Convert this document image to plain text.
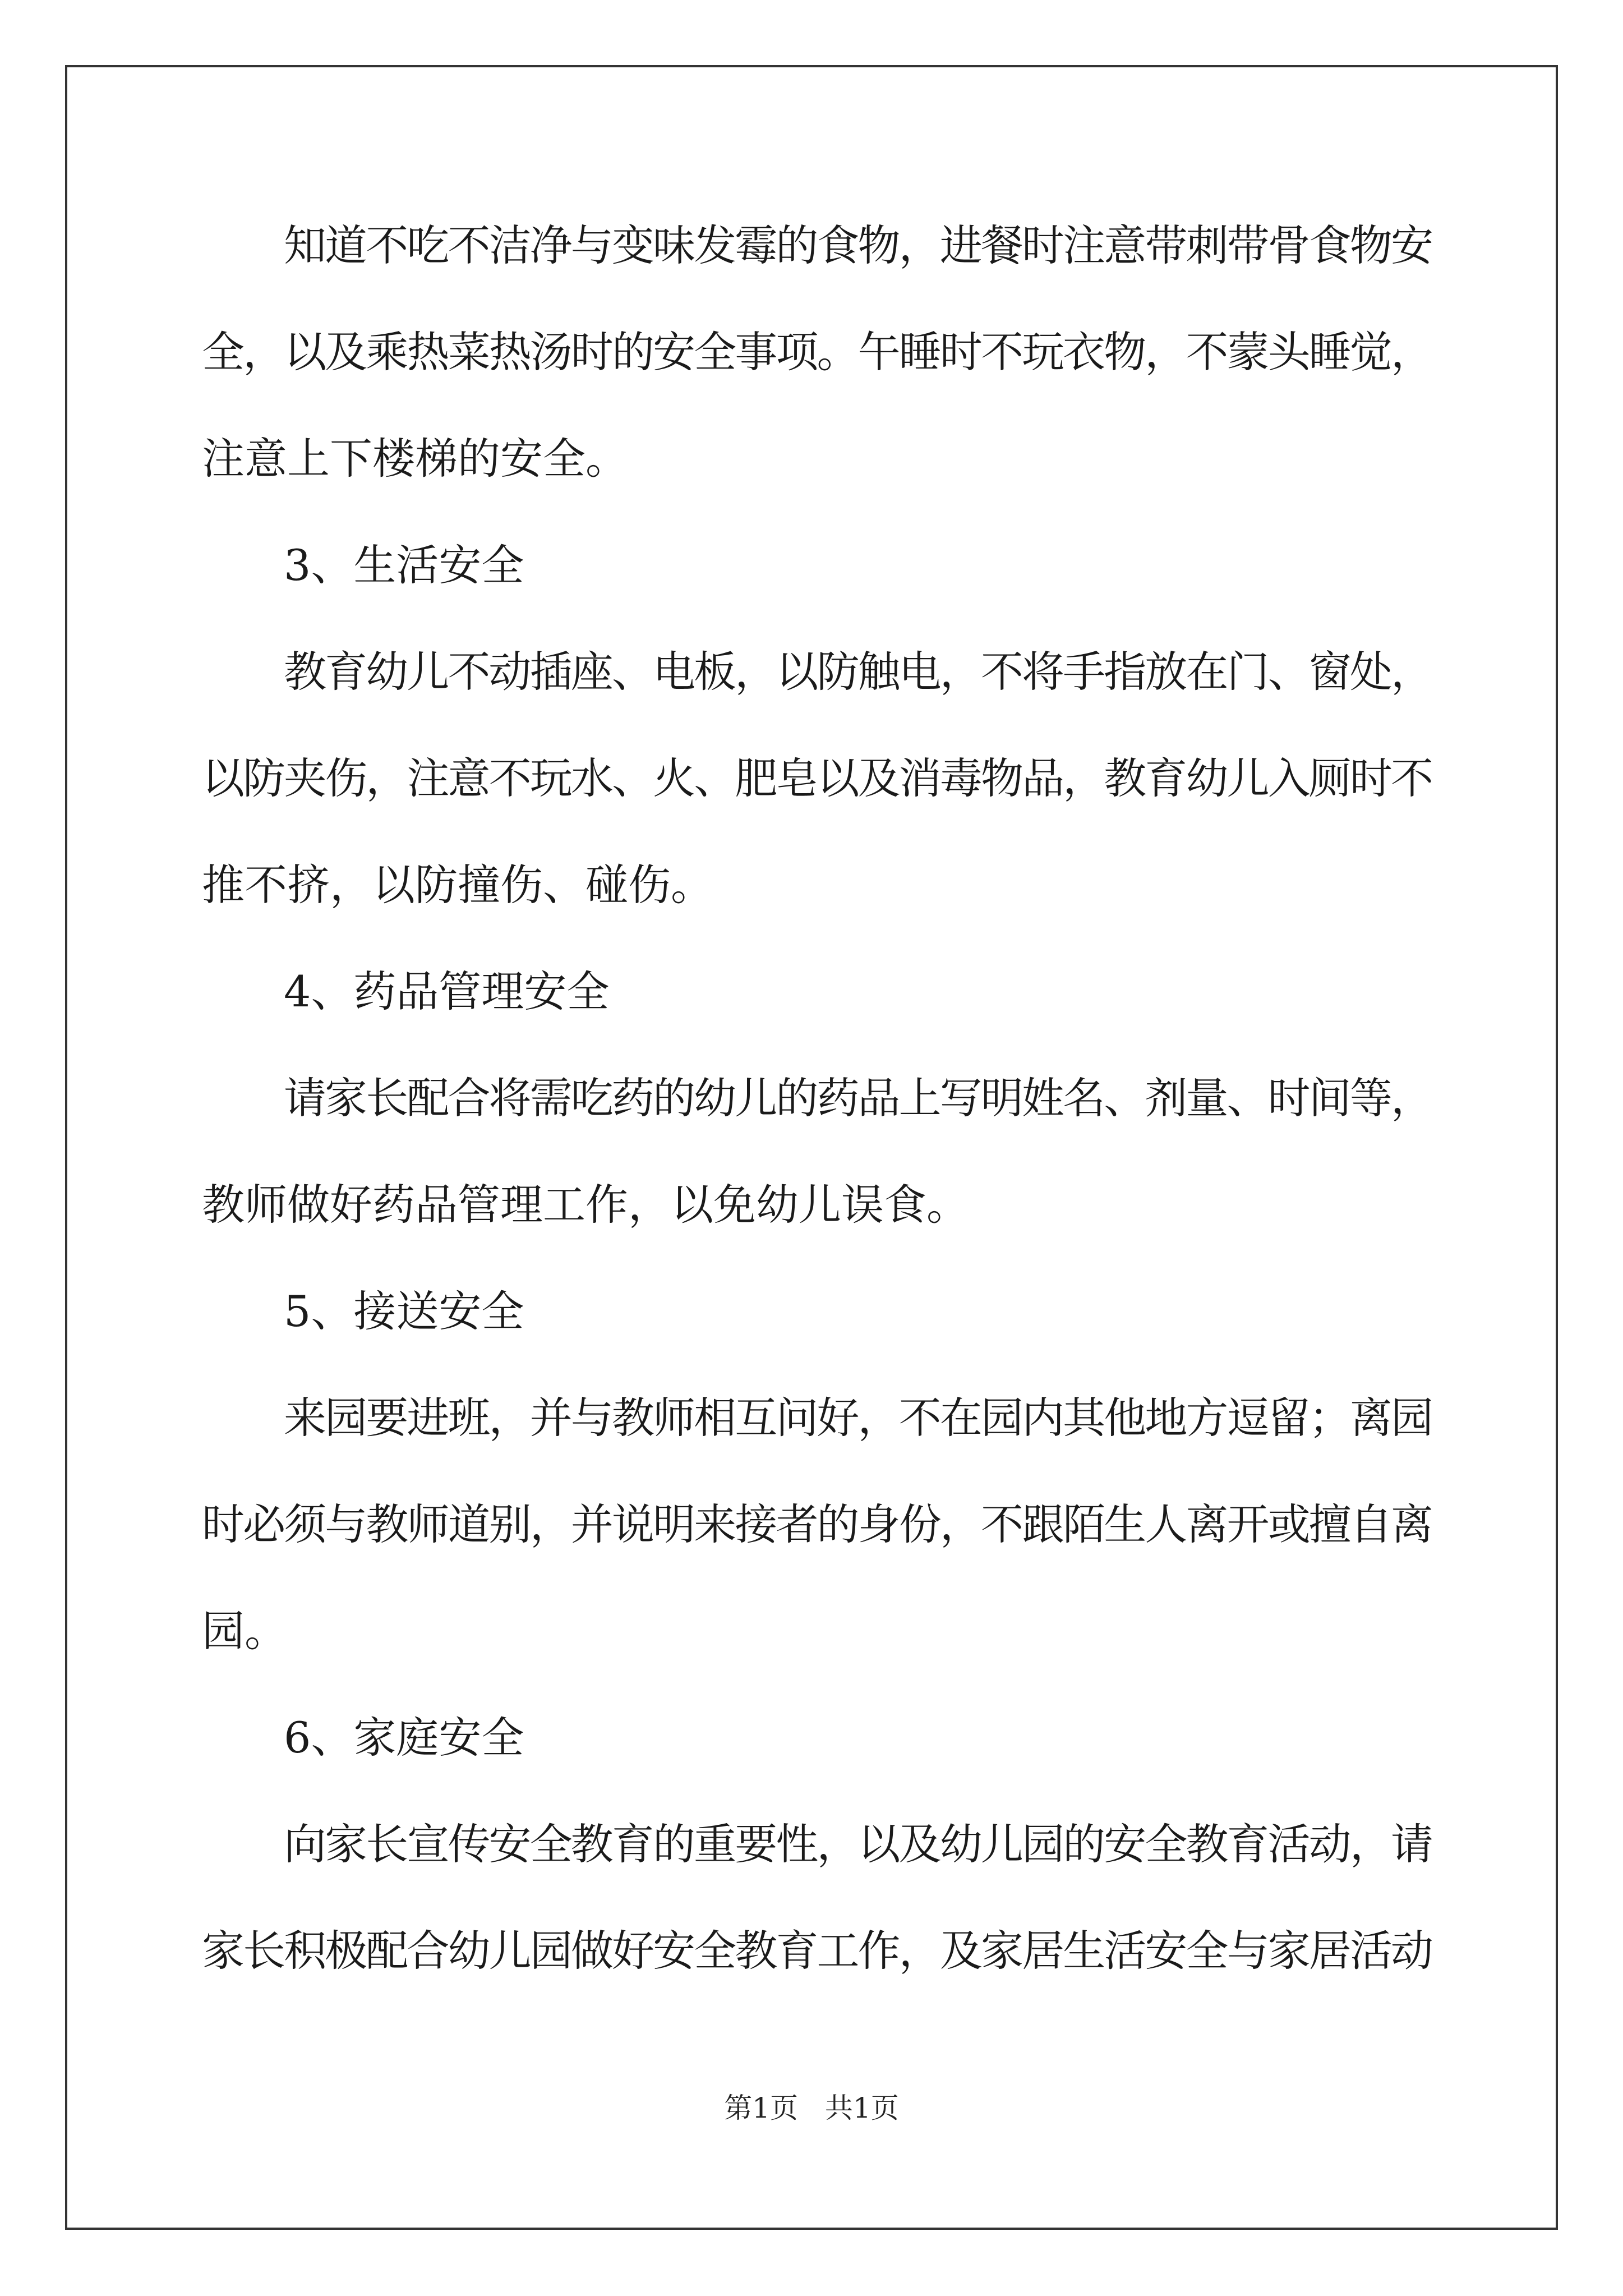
知道不吃不洁净与变味发霉的食物，进餐时注意带刺带骨食物安
全，以及乘热菜热汤时的安全事项。午睡时不玩衣物，不蒙头睡觉，
注意上下楼梯的安全。
3、生活安全
教育幼儿不动插座、电板，以防触电，不将手指放在门、窗处，
以防夹伤，注意不玩水、火、肥皂以及消毒物品，教育幼儿入厕时不
推不挤，以防撞伤、碰伤。
4、药品管理安全
请家长配合将需吃药的幼儿的药品上写明姓名、剂量、时间等，
教师做好药品管理工作，以免幼儿误食。
5、接送安全
来园要进班，并与教师相互问好，不在园内其他地方逗留；离园
时必须与教师道别，并说明来接者的身份，不跟陌生人离开或擅自离
园。
6、家庭安全
向家长宣传安全教育的重要性，以及幼儿园的安全教育活动，请
家长积极配合幼儿园做好安全教育工作，及家居生活安全与家居活动
第1页 共1页
